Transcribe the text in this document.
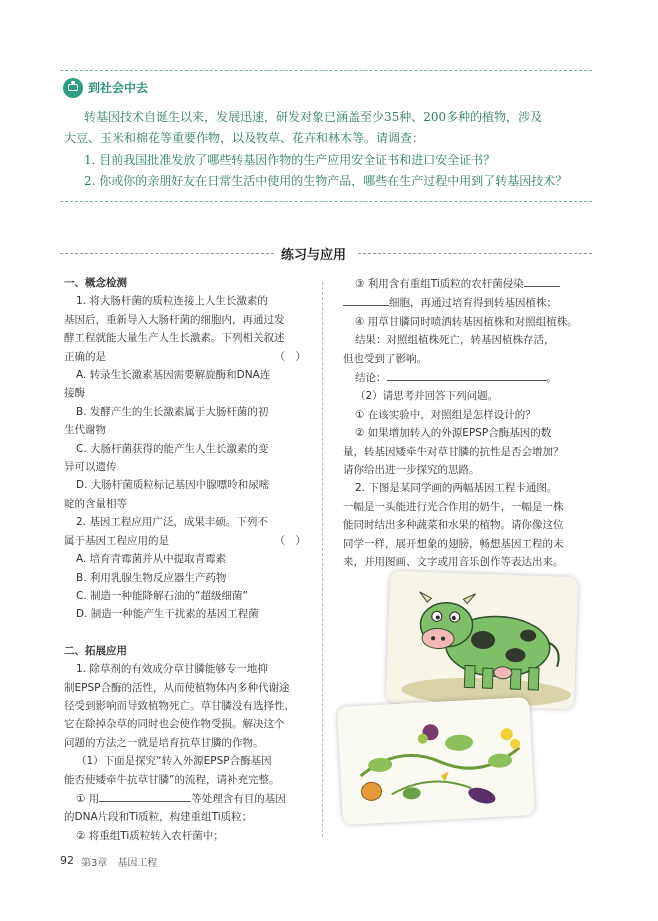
到社会中去
转基因技术自诞生以来，发展迅速，研发对象已涵盖至少35种、200多种的植物，涉及
大豆、玉米和棉花等重要作物，以及牧草、花卉和林木等。请调查：
1. 目前我国批准发放了哪些转基因作物的生产应用安全证书和进口安全证书？
2. 你或你的亲朋好友在日常生活中使用的生物产品，哪些在生产过程中用到了转基因技术？
练习与应用

一、概念检测

1. 将大肠杆菌的质粒连接上人生长激素的

基因后，重新导入大肠杆菌的细胞内，再通过发

酵工程就能大量生产人生长激素。下列相关叙述

正确的是	（　）

A. 转录生长激素基因需要解旋酶和DNA连

接酶

B. 发酵产生的生长激素属于大肠杆菌的初

生代谢物

C. 大肠杆菌获得的能产生人生长激素的变

异可以遗传

D. 大肠杆菌质粒标记基因中腺嘌呤和尿嘧

啶的含量相等

2. 基因工程应用广泛，成果丰硕。下列不

属于基因工程应用的是	（　）

A. 培育青霉菌并从中提取青霉素

B. 利用乳腺生物反应器生产药物

C. 制造一种能降解石油的“超级细菌”

D. 制造一种能产生干扰素的基因工程菌

二、拓展应用

1. 除草剂的有效成分草甘膦能够专一地抑

制EPSP合酶的活性，从而使植物体内多种代谢途

径受到影响而导致植物死亡。草甘膦没有选择性，

它在除掉杂草的同时也会使作物受损。解决这个

问题的方法之一就是培育抗草甘膦的作物。

（1）下面是探究“转入外源EPSP合酶基因

能否使矮牵牛抗草甘膦”的流程，请补充完整。

① 用	等处理含有目的基因

的DNA片段和Ti质粒，构建重组Ti质粒；

② 将重组Ti质粒转入农杆菌中；

③ 利用含有重组Ti质粒的农杆菌侵染

细胞，再通过培育得到转基因植株；

④ 用草甘膦同时喷洒转基因植株和对照组植株。

结果：对照组植株死亡，转基因植株存活，

但也受到了影响。

结论：	。

（2）请思考并回答下列问题。

① 在该实验中，对照组是怎样设计的？

② 如果增加转入的外源EPSP合酶基因的数

量，转基因矮牵牛对草甘膦的抗性是否会增加？

请你给出进一步探究的思路。

2. 下图是某同学画的两幅基因工程卡通图。

一幅是一头能进行光合作用的奶牛，一幅是一株

能同时结出多种蔬菜和水果的植物。请你像这位

同学一样，展开想象的翅膀，畅想基因工程的未

来，并用图画、文字或用音乐创作等表达出来。

92 第3章　基因工程
